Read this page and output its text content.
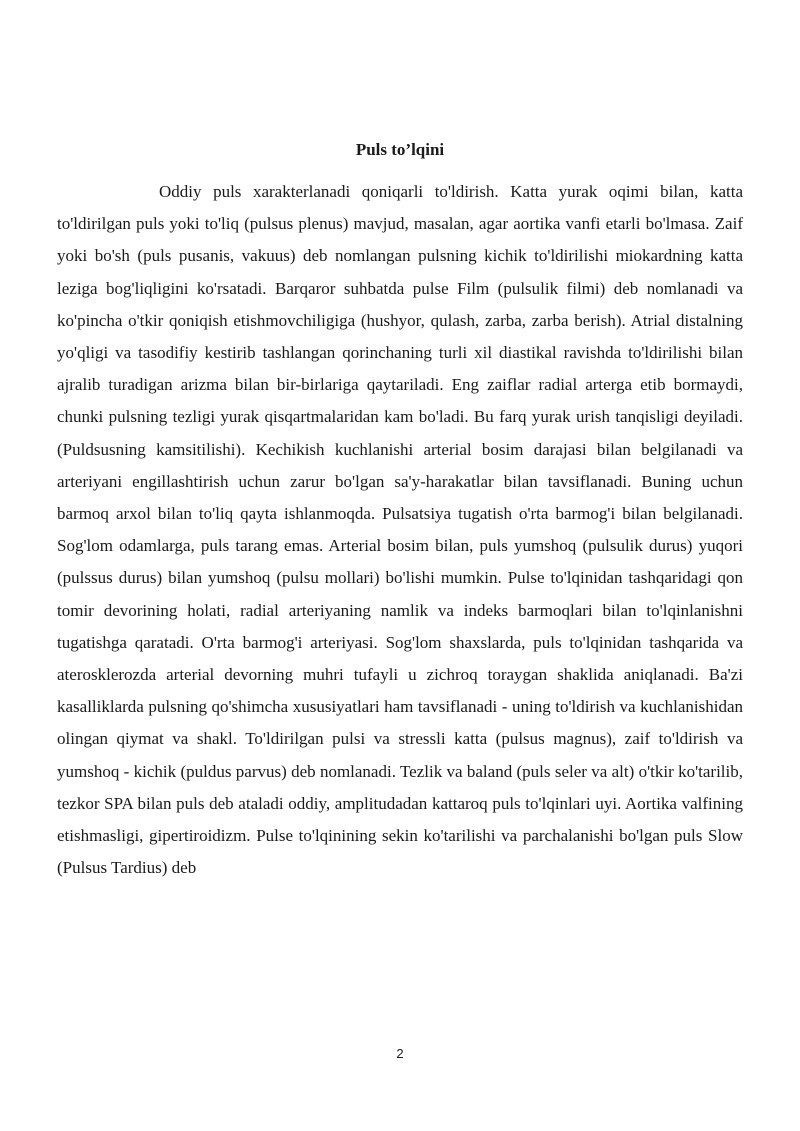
Puls to’lqini

Oddiy puls xarakterlanadi qoniqarli to'ldirish. Katta yurak oqimi bilan, katta to'ldirilgan puls yoki to'liq (pulsus plenus) mavjud, masalan, agar aortika vanfi etarli bo'lmasa. Zaif yoki bo'sh (puls pusanis, vakuus) deb nomlangan pulsning kichik to'ldirilishi miokardning katta leziga bog'liqligini ko'rsatadi. Barqaror suhbatda pulse Film (pulsulik filmi) deb nomlanadi va ko'pincha o'tkir qoniqish etishmovchiligiga (hushyor, qulash, zarba, zarba berish). Atrial distalning yo'qligi va tasodifiy kestirib tashlangan qorinchaning turli xil diastikal ravishda to'ldirilishi bilan ajralib turadigan arizma bilan bir-birlariga qaytariladi. Eng zaiflar radial arterga etib bormaydi, chunki pulsning tezligi yurak qisqartmalaridan kam bo'ladi. Bu farq yurak urish tanqisligi deyiladi. (Puldsusning kamsitilishi). Kechikish kuchlanishi arterial bosim darajasi bilan belgilanadi va arteriyani engillashtirish uchun zarur bo'lgan sa'y-harakatlar bilan tavsiflanadi. Buning uchun barmoq arxol bilan to'liq qayta ishlanmoqda. Pulsatsiya tugatish o'rta barmog'i bilan belgilanadi. Sog'lom odamlarga, puls tarang emas. Arterial bosim bilan, puls yumshoq (pulsulik durus) yuqori (pulssus durus) bilan yumshoq (pulsu mollari) bo'lishi mumkin. Pulse to'lqinidan tashqaridagi qon tomir devorining holati, radial arteriyaning namlik va indeks barmoqlari bilan to'lqinlanishni tugatishga qaratadi. O'rta barmog'i arteriyasi. Sog'lom shaxslarda, puls to'lqinidan tashqarida va aterosklerozda arterial devorning muhri tufayli u zichroq toraygan shaklida aniqlanadi. Ba'zi kasalliklarda pulsning qo'shimcha xususiyatlari ham tavsiflanadi - uning to'ldirish va kuchlanishidan olingan qiymat va shakl. To'ldirilgan pulsi va stressli katta (pulsus magnus), zaif to'ldirish va yumshoq - kichik (puldus parvus) deb nomlanadi. Tezlik va baland (puls seler va alt) o'tkir ko'tarilib, tezkor SPA bilan puls deb ataladi oddiy, amplitudadan kattaroq puls to'lqinlari uyi. Aortika valfining etishmasligi, gipertiroidizm. Pulse to'lqinining sekin ko'tarilishi va parchalanishi bo'lgan puls Slow (Pulsus Tardius) deb

2
